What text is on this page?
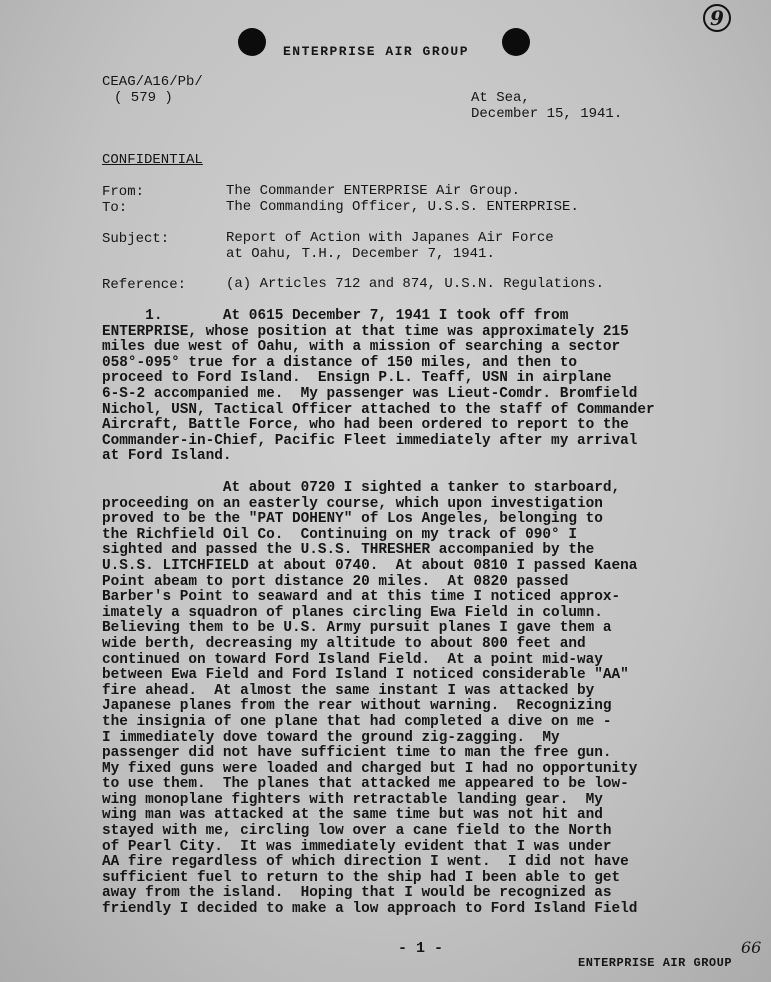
ENTERPRISE AIR GROUP
9
CEAG/A16/Pb/
( 579 )	At Sea,
December 15, 1941.
CONFIDENTIAL
From:	The Commander ENTERPRISE Air Group.
To:	The Commanding Officer, U.S.S. ENTERPRISE.
Subject:	Report of Action with Japanes Air Force
at Oahu, T.H., December 7, 1941.
Reference:	(a) Articles 712 and 874, U.S.N. Regulations.
1.       At 0615 December 7, 1941 I took off from
ENTERPRISE, whose position at that time was approximately 215
miles due west of Oahu, with a mission of searching a sector
058°-095° true for a distance of 150 miles, and then to
proceed to Ford Island.  Ensign P.L. Teaff, USN in airplane
6-S-2 accompanied me.  My passenger was Lieut-Comdr. Bromfield
Nichol, USN, Tactical Officer attached to the staff of Commander
Aircraft, Battle Force, who had been ordered to report to the
Commander-in-Chief, Pacific Fleet immediately after my arrival
at Ford Island.
At about 0720 I sighted a tanker to starboard,
proceeding on an easterly course, which upon investigation
proved to be the "PAT DOHENY" of Los Angeles, belonging to
the Richfield Oil Co.  Continuing on my track of 090° I
sighted and passed the U.S.S. THRESHER accompanied by the
U.S.S. LITCHFIELD at about 0740.  At about 0810 I passed Kaena
Point abeam to port distance 20 miles.  At 0820 passed
Barber's Point to seaward and at this time I noticed approx-
imately a squadron of planes circling Ewa Field in column.
Believing them to be U.S. Army pursuit planes I gave them a
wide berth, decreasing my altitude to about 800 feet and
continued on toward Ford Island Field.  At a point mid-way
between Ewa Field and Ford Island I noticed considerable "AA"
fire ahead.  At almost the same instant I was attacked by
Japanese planes from the rear without warning.  Recognizing
the insignia of one plane that had completed a dive on me -
I immediately dove toward the ground zig-zagging.  My
passenger did not have sufficient time to man the free gun.
My fixed guns were loaded and charged but I had no opportunity
to use them.  The planes that attacked me appeared to be low-
wing monoplane fighters with retractable landing gear.  My
wing man was attacked at the same time but was not hit and
stayed with me, circling low over a cane field to the North
of Pearl City.  It was immediately evident that I was under
AA fire regardless of which direction I went.  I did not have
sufficient fuel to return to the ship had I been able to get
away from the island.  Hoping that I would be recognized as
friendly I decided to make a low approach to Ford Island Field
- 1 -
ENTERPRISE AIR GROUP
66
